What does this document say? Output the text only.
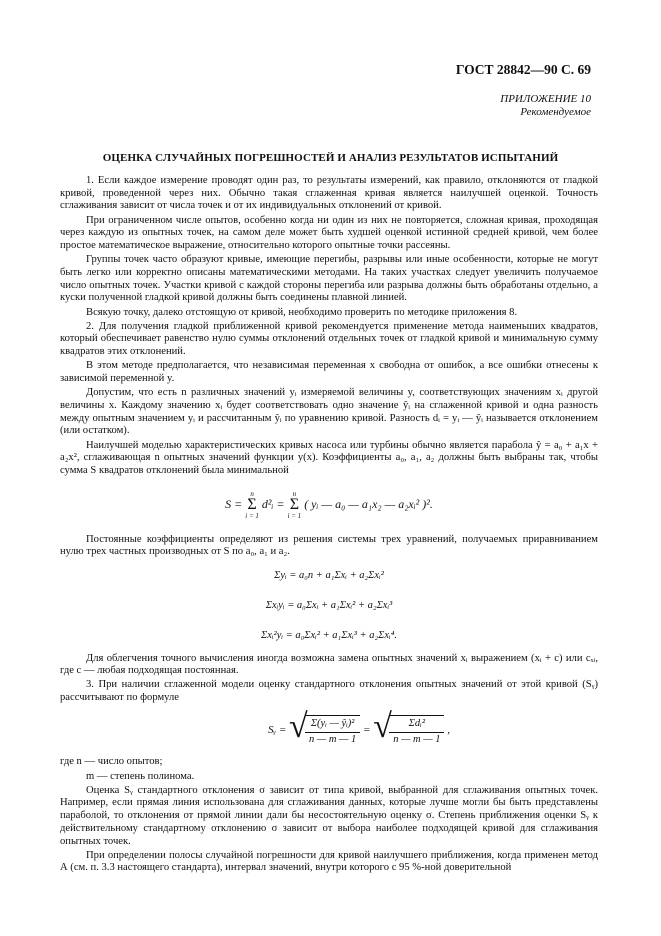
ГОСТ 28842—90 С. 69
ПРИЛОЖЕНИЕ 10
Рекомендуемое
ОЦЕНКА СЛУЧАЙНЫХ ПОГРЕШНОСТЕЙ И АНАЛИЗ РЕЗУЛЬТАТОВ ИСПЫТАНИЙ

1. Если каждое измерение проводят один раз, то результаты измерений, как правило, отклоняются от гладкой кривой, проведенной через них. Обычно такая сглаженная кривая является наилучшей оценкой. Точность сглаживания зависит от числа точек и от их индивидуальных отклонений от кривой.

При ограниченном числе опытов, особенно когда ни один из них не повторяется, сложная кривая, проходящая через каждую из опытных точек, на самом деле может быть худшей оценкой истинной средней кривой, чем более простое математическое выражение, относительно которого опытные точки рассеяны.

Группы точек часто образуют кривые, имеющие перегибы, разрывы или иные особенности, которые не могут быть легко или корректно описаны математическими методами. На таких участках следует увеличить получаемое число опытных точек. Участки кривой с каждой стороны перегиба или разрыва должны быть обработаны отдельно, а куски полученной гладкой кривой должны быть соединены плавной линией.

Всякую точку, далеко отстоящую от кривой, необходимо проверить по методике приложения 8.

2. Для получения гладкой приближенной кривой рекомендуется применение метода наименьших квадратов, который обеспечивает равенство нулю суммы отклонений отдельных точек от гладкой кривой и минимальную сумму квадратов этих отклонений.

В этом методе предполагается, что независимая переменная x свободна от ошибок, а все ошибки отнесены к зависимой переменной y.

Допустим, что есть n различных значений yᵢ измеряемой величины y, соответствующих значениям xᵢ другой величины x. Каждому значению xᵢ будет соответствовать одно значение ŷᵢ на сглаженной кривой и одна разность между опытным значением yᵢ и рассчитанным ŷᵢ по уравнению кривой. Разность dᵢ = yᵢ — ŷᵢ называется отклонением (или остатком).

Наилучшей моделью характеристических кривых насоса или турбины обычно является парабола ŷ = a₀ + a₁x + a₂x², сглаживающая n опытных значений функции y(x). Коэффициенты a₀, a₁, a₂ должны быть выбраны так, чтобы сумма S квадратов отклонений была минимальной

S =
n
Σ
i = 1
d²ᵢ =
n
Σ
i = 1
( yᵢ — a₀ — a₁x₂ — a₂xᵢ² )².

Постоянные коэффициенты определяют из решения системы трех уравнений, получаемых приравниванием нулю трех частных производных от S по a₀, a₁ и a₂.

Σyᵢ = a₀n + a₁Σxᵢ + a₂Σxᵢ²
Σxᵢyᵢ = a₀Σxᵢ + a₁Σxᵢ² + a₂Σxᵢ³
Σxᵢ²yᵢ = a₀Σxᵢ² + a₁Σxᵢ³ + a₂Σxᵢ⁴.

Для облегчения точного вычисления иногда возможна замена опытных значений xᵢ выражением (xᵢ + c) или cₓᵢ, где c — любая подходящая постоянная.

3. При наличии сглаженной модели оценку стандартного отклонения опытных значений от этой кривой (Sᵧ) рассчитывают по формуле

Sᵧ = √ $\frac{\text{Σ(yᵢ — ŷᵢ)²}}{n — m — 1}$ = √ $\frac{\text{Σdᵢ²}}{n — m — 1}$ ,

где n — число опытов;

m — степень полинома.

Оценка Sᵧ стандартного отклонения σ зависит от типа кривой, выбранной для сглаживания опытных точек. Например, если прямая линия использована для сглаживания данных, которые лучше могли бы быть представлены параболой, то отклонения от прямой линии дали бы несостоятельную оценку σ. Степень приближения оценки Sᵧ к действительному стандартному отклонению σ зависит от выбора наиболее подходящей кривой для сглаживания опытных точек.

При определении полосы случайной погрешности для кривой наилучшего приближения, когда применен метод А (см. п. 3.3 настоящего стандарта), интервал значений, внутри которого с 95 %-ной доверительной
